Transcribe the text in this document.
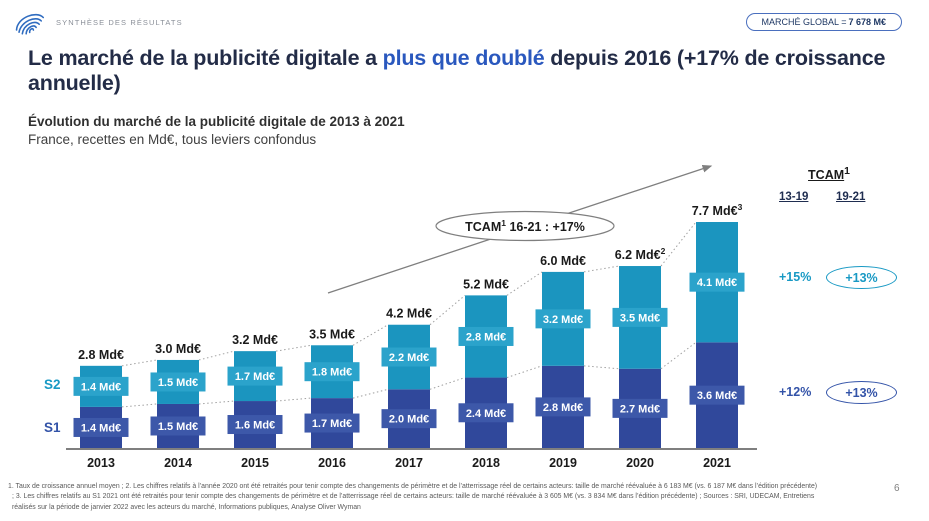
SYNTHÈSE DES RÉSULTATS	MARCHÉ GLOBAL = 7 678 M€
Le marché de la publicité digitale a plus que doublé depuis 2016 (+17% de croissance annuelle)
Évolution du marché de la publicité digitale de 2013 à 2021
France, recettes en Md€, tous leviers confondus
1.4 Md€
1.4 Md€
1.5 Md€
1.5 Md€
1.6 Md€
1.7 Md€
1.7 Md€
1.8 Md€
2.0 Md€
2.2 Md€
2.4 Md€
2.8 Md€
2.8 Md€
3.2 Md€
2.7 Md€
3.5 Md€
3.6 Md€
4.1 Md€
TCAM$^1$ 16-21 : +17%
2.8 Md€
2013
3.0 Md€
2014
3.2 Md€
2015
3.5 Md€
2016
4.2 Md€
2017
5.2 Md€
2018
6.0 Md€
2019
6.2 Md€$^2$
2020
7.7 Md€$^3$
2021
S2
S1
TCAM$^1$
13-19 19-21
+15%	+13%
+12%	+13%
1. Taux de croissance annuel moyen ; 2. Les chiffres relatifs à l’année 2020 ont été retraités pour tenir compte des changements de périmètre et de l’atterrissage réel de certains acteurs: taille de marché réévaluée à 6 183 M€ (vs. 6 187 M€ dans l’édition précédente)
; 3. Les chiffres relatifs au S1 2021 ont été retraités pour tenir compte des changements de périmètre et de l’atterrissage réel de certains acteurs: taille de marché réévaluée à 3 605 M€ (vs. 3 834 M€ dans l’édition précédente) ; Sources : SRI, UDECAM, Entretiens
réalisés sur la période de janvier 2022 avec les acteurs du marché, Informations publiques, Analyse Oliver Wyman
6
